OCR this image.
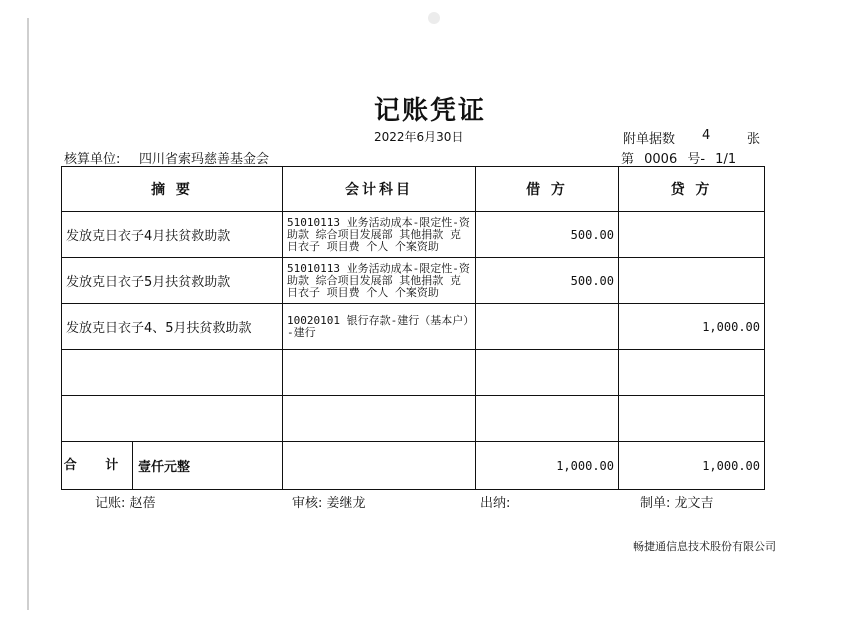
记账凭证
2022年6月30日	附单据数 4	张
核算单位: 四川省索玛慈善基金会	第 0006 号- 1/1
摘 要	会计科目	借 方	贷 方
发放克日衣子4月扶贫救助款	51010113 业务活动成本-限定性-资助款 综合项目发展部 其他捐款 克日衣子 项目费 个人 个案资助	500.00	
发放克日衣子5月扶贫救助款	51010113 业务活动成本-限定性-资助款 综合项目发展部 其他捐款 克日衣子 项目费 个人 个案资助	500.00	
发放克日衣子4、5月扶贫救助款	10020101 银行存款-建行（基本户）-建行		1,000.00

合 计 壹仟元整		1,000.00	1,000.00
记账: 赵蓓	审核: 姜继龙	出纳:	制单: 龙文吉
畅捷通信息技术股份有限公司
